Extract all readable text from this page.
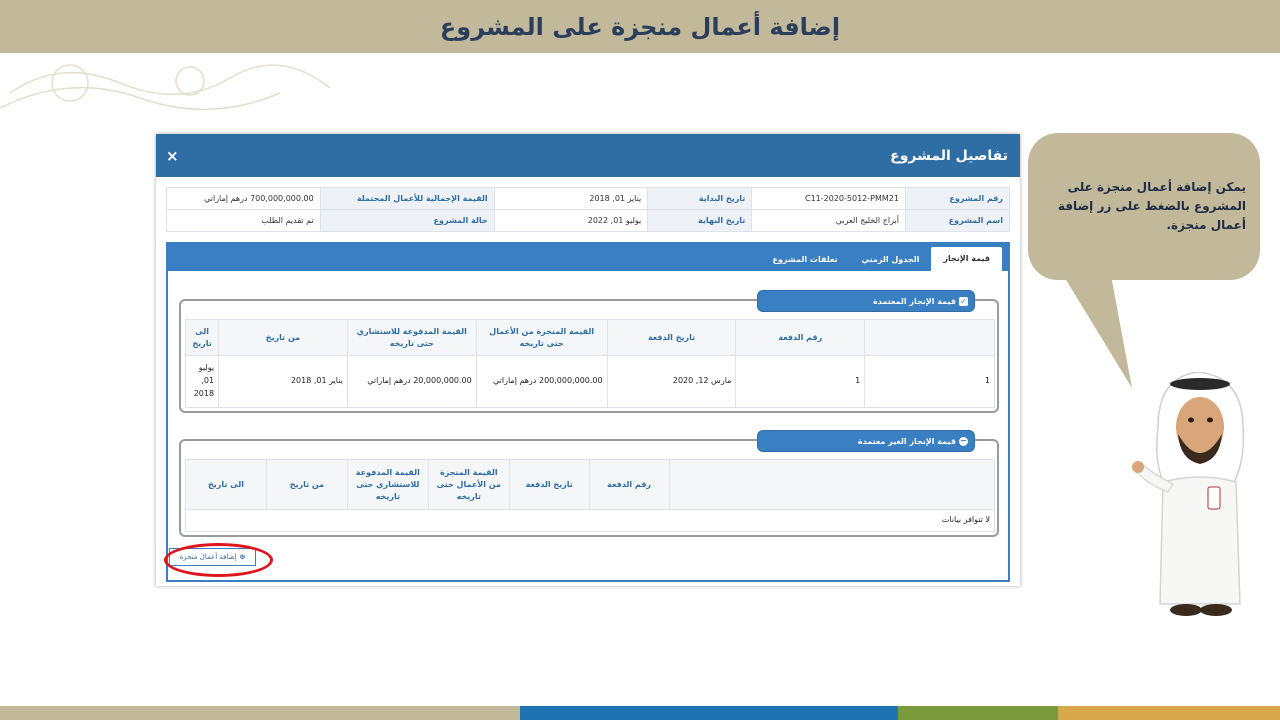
إضافة أعمال منجزة على المشروع
تفاصيل المشروع
×
رقم المشروع	C11-2020-5012-PMM21	تاريخ البداية	يناير 01, 2018	القيمة الإجمالية للأعمال المحتملة	700,000,000.00 درهم إماراتي
اسم المشروع	أبراج الخليج العربي	تاريخ النهاية	يوليو 01, 2022	حالة المشروع	تم تقديم الطلب
قيمة الإنجاز
الجدول الزمني
تعلقات المشروع
✓
قيمة الإنجاز المعتمدة
	رقم الدفعة	تاريخ الدفعة	القيمة المنجزة من الأعمال حتى تاريخه	القيمة المدفوعة للاستشاري حتى تاريخه	من تاريخ	الى تاريخ
1	1	مارس 12, 2020	200,000,000.00 درهم إماراتي	20,000,000.00 درهم إماراتي	يناير 01, 2018	يوليو 01, 2018
−
قيمة الإنجاز الغير معتمدة
	رقم الدفعة	تاريخ الدفعة	القيمة المنجزة من الأعمال حتى تاريخه	القيمة المدفوعة للاستشاري حتى تاريخه	من تاريخ	الى تاريخ
لا تتوافر بيانات
⊕
إضافة أعمال منجزة

يمكن إضافة أعمال منجزة على المشروع بالضغط على زر إضافة أعمال منجزة.
